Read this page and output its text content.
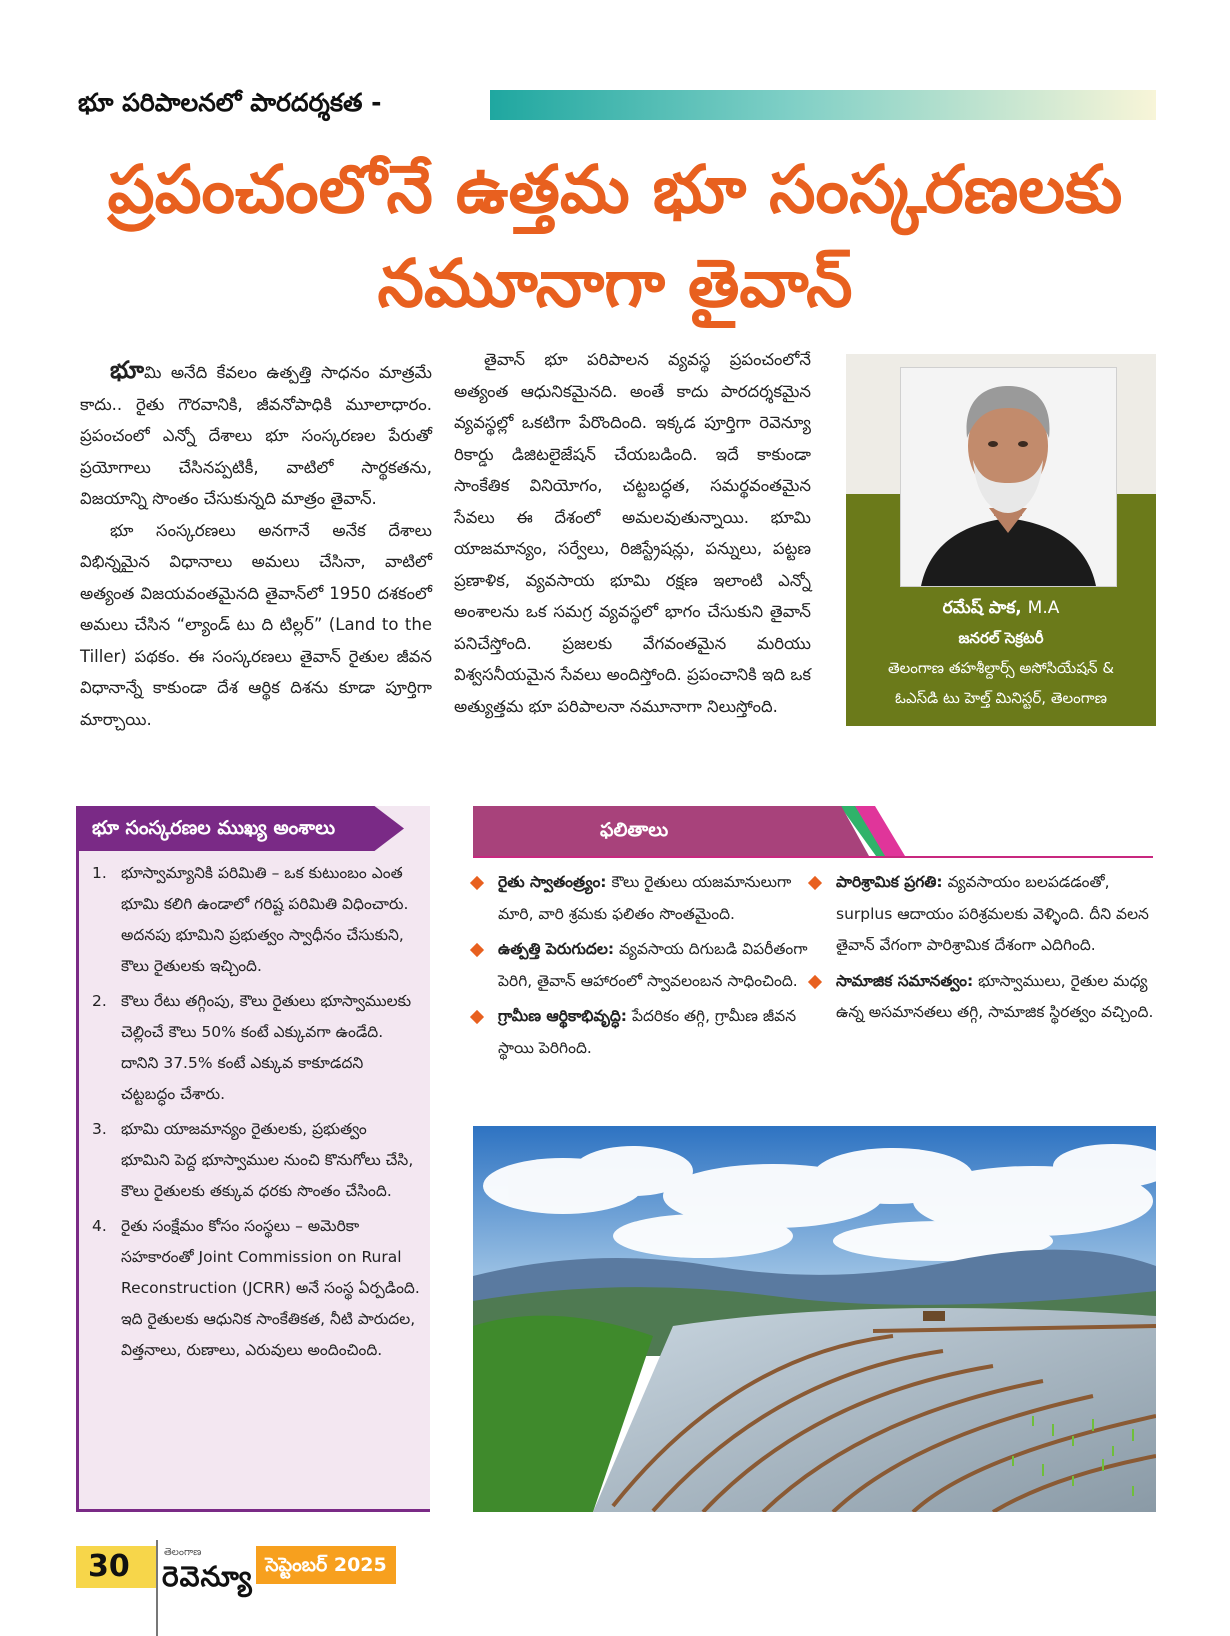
భూ పరిపాలనలో పారదర్శకత -
ప్రపంచంలోనే ఉత్తమ భూ సంస్కరణలకు
నమూనాగా తైవాన్

భూమి అనేది కేవలం ఉత్పత్తి సాధనం మాత్రమే కాదు.. రైతు గౌరవానికి, జీవనోపాధికి మూలాధారం. ప్రపంచంలో ఎన్నో దేశాలు భూ సంస్కరణల పేరుతో ప్రయోగాలు చేసినప్పటికీ, వాటిలో సార్థకతను, విజయాన్ని సొంతం చేసుకున్నది మాత్రం తైవాన్.

భూ సంస్కరణలు అనగానే అనేక దేశాలు విభిన్నమైన విధానాలు అమలు చేసినా, వాటిలో అత్యంత విజయవంతమైనది తైవాన్‌లో 1950 దశకంలో అమలు చేసిన “ల్యాండ్ టు ది టిల్లర్” (Land to the Tiller) పథకం. ఈ సంస్కరణలు తైవాన్ రైతుల జీవన విధానాన్నే కాకుండా దేశ ఆర్థిక దిశను కూడా పూర్తిగా మార్చాయి.

తైవాన్ భూ పరిపాలన వ్యవస్థ ప్రపంచంలోనే అత్యంత ఆధునికమైనది. అంతే కాదు పారదర్శకమైన వ్యవస్థల్లో ఒకటిగా పేరొందింది. ఇక్కడ పూర్తిగా రెవెన్యూ రికార్డు డిజిటలైజేషన్ చేయబడింది. ఇదే కాకుండా సాంకేతిక వినియోగం, చట్టబద్ధత, సమర్థవంతమైన సేవలు ఈ దేశంలో అమలవుతున్నాయి. భూమి యాజమాన్యం, సర్వేలు, రిజిస్ట్రేషన్లు, పన్నులు, పట్టణ ప్రణాళిక, వ్యవసాయ భూమి రక్షణ ఇలాంటి ఎన్నో అంశాలను ఒక సమగ్ర వ్యవస్థలో భాగం చేసుకుని తైవాన్ పనిచేస్తోంది. ప్రజలకు వేగవంతమైన మరియు విశ్వసనీయమైన సేవలు అందిస్తోంది. ప్రపంచానికి ఇది ఒక అత్యుత్తమ భూ పరిపాలనా నమూనాగా నిలుస్తోంది.

రమేష్ పాక, M.A
జనరల్ సెక్రటరీ
తెలంగాణ తహశీల్దార్స్ అసోసియేషన్ &
ఓఎస్‌డి టు హెల్త్ మినిస్టర్, తెలంగాణ
భూ సంస్కరణల ముఖ్య అంశాలు
1. భూస్వామ్యానికి పరిమితి – ఒక కుటుంబం ఎంత భూమి కలిగి ఉండాలో గరిష్ట పరిమితి విధించారు. అదనపు భూమిని ప్రభుత్వం స్వాధీనం చేసుకుని, కౌలు రైతులకు ఇచ్చింది.
2. కౌలు రేటు తగ్గింపు, కౌలు రైతులు భూస్వాములకు చెల్లించే కౌలు 50% కంటే ఎక్కువగా ఉండేది. దానిని 37.5% కంటే ఎక్కువ కాకూడదని చట్టబద్ధం చేశారు.
3. భూమి యాజమాన్యం రైతులకు, ప్రభుత్వం భూమిని పెద్ద భూస్వాముల నుంచి కొనుగోలు చేసి, కౌలు రైతులకు తక్కువ ధరకు సొంతం చేసింది.
4. రైతు సంక్షేమం కోసం సంస్థలు – అమెరికా సహకారంతో Joint Commission on Rural Reconstruction (JCRR) అనే సంస్థ ఏర్పడింది. ఇది రైతులకు ఆధునిక సాంకేతికత, నీటి పారుదల, విత్తనాలు, రుణాలు, ఎరువులు అందించింది.
ఫలితాలు
రైతు స్వాతంత్ర్యం: కౌలు రైతులు యజమానులుగా మారి, వారి శ్రమకు ఫలితం సొంతమైంది.
ఉత్పత్తి పెరుగుదల: వ్యవసాయ దిగుబడి విపరీతంగా పెరిగి, తైవాన్ ఆహారంలో స్వావలంబన సాధించింది.
గ్రామీణ ఆర్థికాభివృద్ధి: పేదరికం తగ్గి, గ్రామీణ జీవన స్థాయి పెరిగింది.
పారిశ్రామిక ప్రగతి: వ్యవసాయం బలపడడంతో, surplus ఆదాయం పరిశ్రమలకు వెళ్ళింది. దీని వలన తైవాన్ వేగంగా పారిశ్రామిక దేశంగా ఎదిగింది.
సామాజిక సమానత్వం: భూస్వాములు, రైతుల మధ్య ఉన్న అసమానతలు తగ్గి, సామాజిక స్థిరత్వం వచ్చింది.
30	తెలంగాణ
రెవెన్యూ సెప్టెంబర్ 2025
